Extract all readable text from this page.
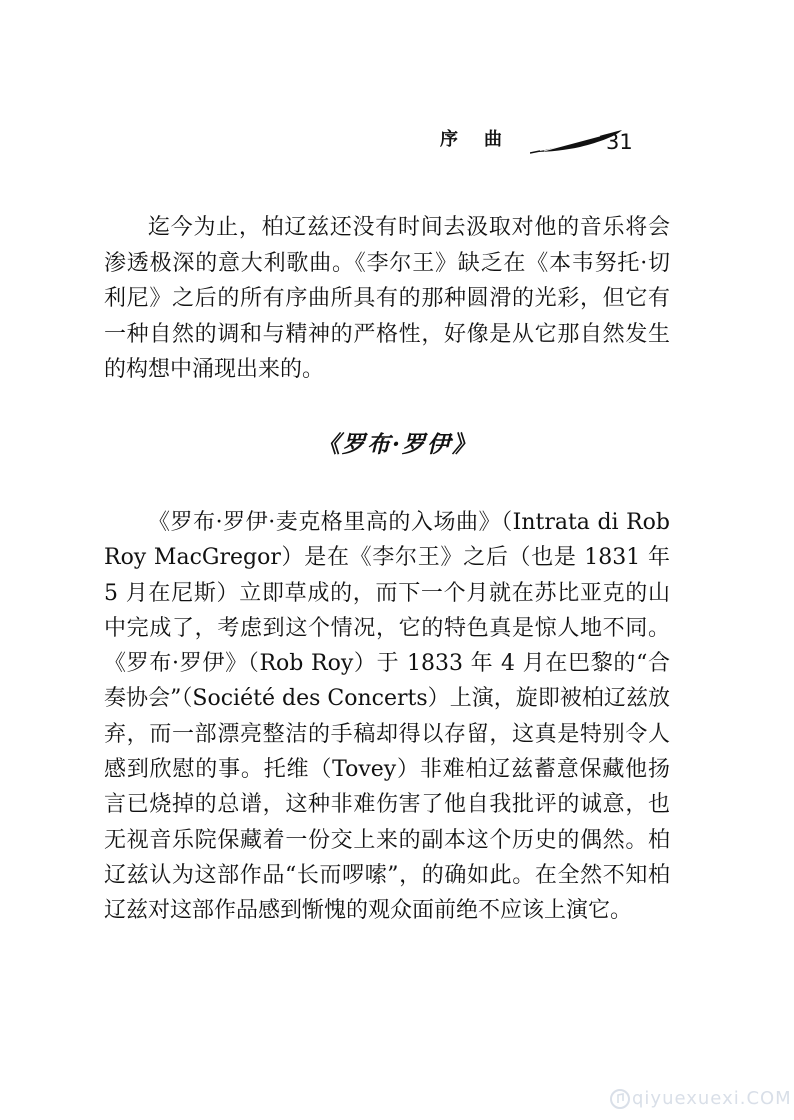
序曲	31

迄今为止，柏辽兹还没有时间去汲取对他的音乐将会渗透极深的意大利歌曲。《李尔王》缺乏在《本韦努托·切利尼》之后的所有序曲所具有的那种圆滑的光彩，但它有一种自然的调和与精神的严格性，好像是从它那自然发生的构想中涌现出来的。

《罗布·罗伊》

《罗布·罗伊·麦克格里高的入场曲》（Intrata di Rob Roy MacGregor）是在《李尔王》之后（也是 1831 年 5 月在尼斯）立即草成的，而下一个月就在苏比亚克的山中完成了，考虑到这个情况，它的特色真是惊人地不同。《罗布·罗伊》（Rob Roy）于 1833 年 4 月在巴黎的“合奏协会”（Société des Concerts）上演，旋即被柏辽兹放弃，而一部漂亮整洁的手稿却得以存留，这真是特别令人感到欣慰的事。托维（Tovey）非难柏辽兹蓄意保藏他扬言已烧掉的总谱，这种非难伤害了他自我批评的诚意，也无视音乐院保藏着一份交上来的副本这个历史的偶然。柏辽兹认为这部作品“长而啰嗦”，的确如此。在全然不知柏辽兹对这部作品感到惭愧的观众面前绝不应该上演它。

qiyuexuexi.COM
